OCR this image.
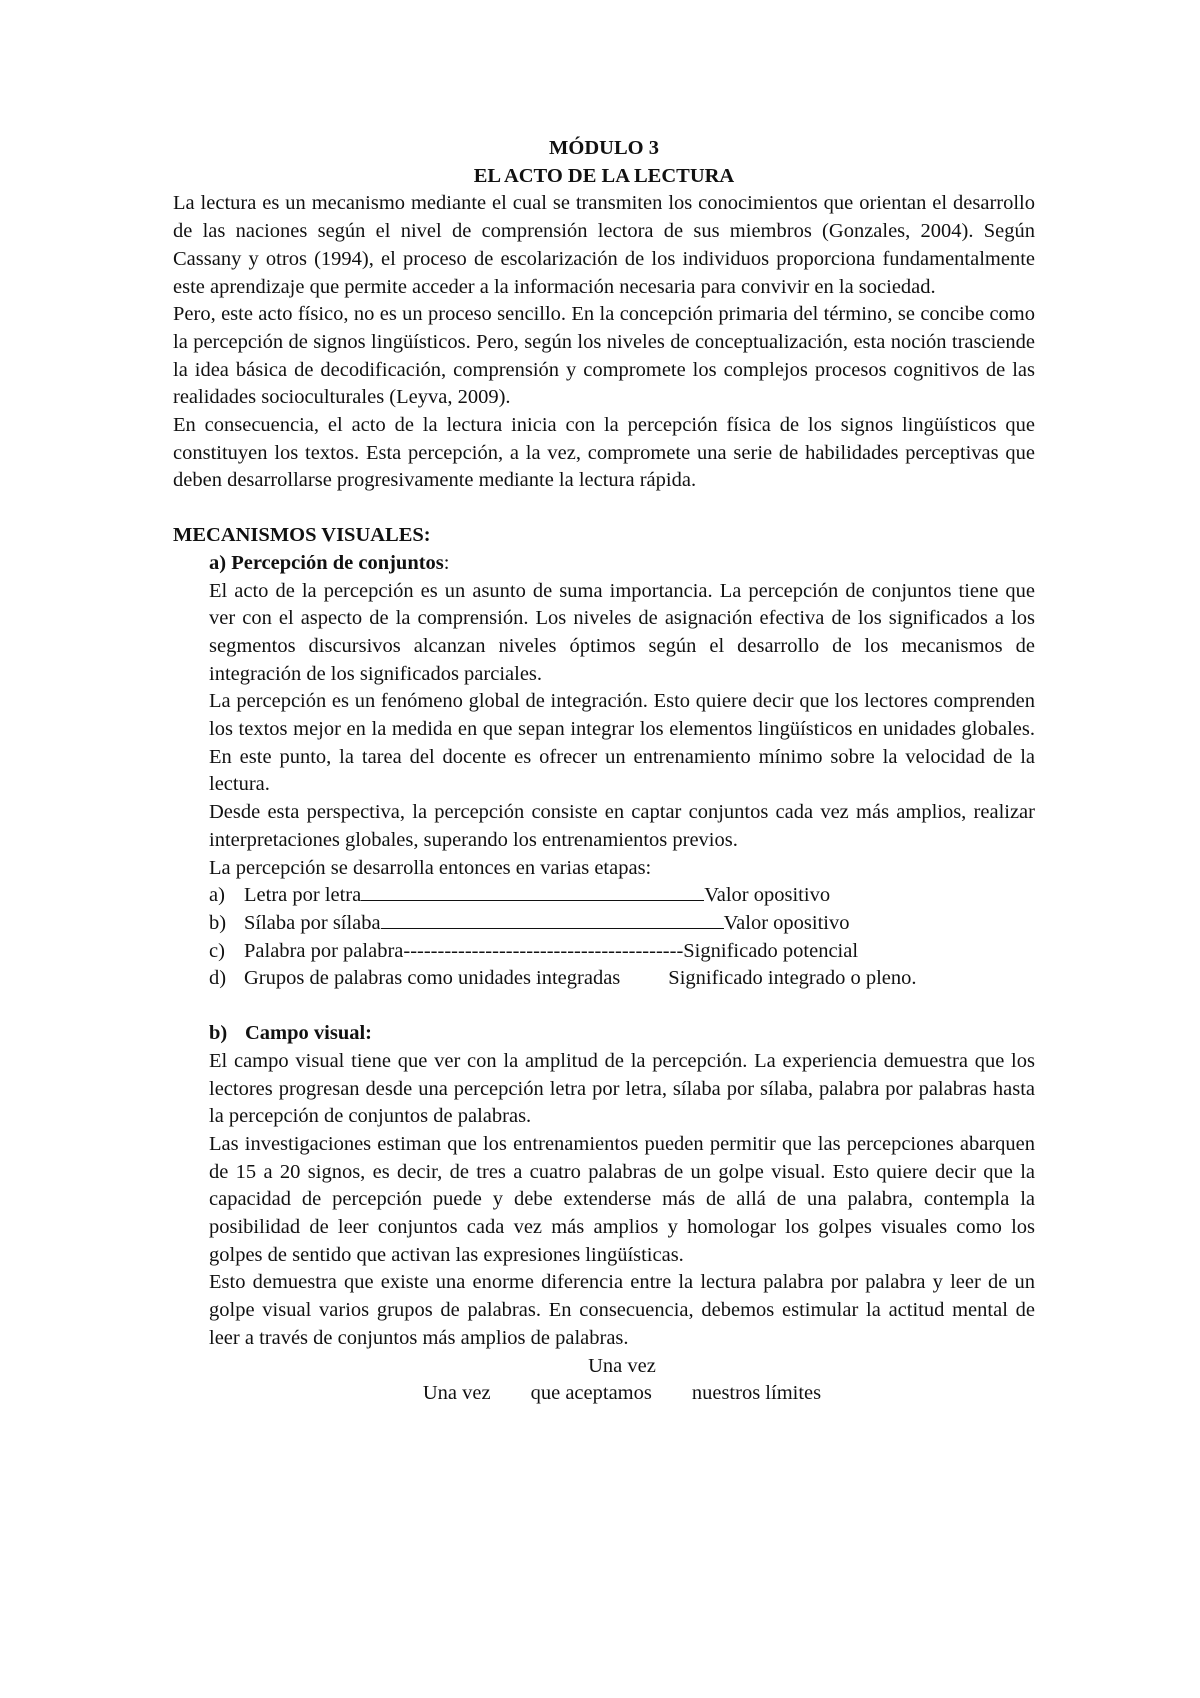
MÓDULO 3

EL ACTO DE LA LECTURA

La lectura es un mecanismo mediante el cual se transmiten los conocimientos que orientan el desarrollo de las naciones según el nivel de comprensión lectora de sus miembros (Gonzales, 2004). Según Cassany y otros (1994), el proceso de escolarización de los individuos proporciona fundamentalmente este aprendizaje que permite acceder a la información necesaria para convivir en la sociedad.

Pero, este acto físico, no es un proceso sencillo. En la concepción primaria del término, se concibe como la percepción de signos lingüísticos. Pero, según los niveles de conceptualización, esta noción trasciende la idea básica de decodificación, comprensión y compromete los complejos procesos cognitivos de las realidades socioculturales (Leyva, 2009).

En consecuencia, el acto de la lectura inicia con la percepción física de los signos lingüísticos que constituyen los textos. Esta percepción, a la vez, compromete una serie de habilidades perceptivas que deben desarrollarse progresivamente mediante la lectura rápida.

MECANISMOS VISUALES:

a) Percepción de conjuntos:

El acto de la percepción es un asunto de suma importancia. La percepción de conjuntos tiene que ver con el aspecto de la comprensión. Los niveles de asignación efectiva de los significados a los segmentos discursivos alcanzan niveles óptimos según el desarrollo de los mecanismos de integración de los significados parciales.

La percepción es un fenómeno global de integración. Esto quiere decir que los lectores comprenden los textos mejor en la medida en que sepan integrar los elementos lingüísticos en unidades globales. En este punto, la tarea del docente es ofrecer un entrenamiento mínimo sobre la velocidad de la lectura.

Desde esta perspectiva, la percepción consiste en captar conjuntos cada vez más amplios, realizar interpretaciones globales, superando los entrenamientos previos.

La percepción se desarrolla entonces en varias etapas:

a) Letra por letra	Valor opositivo
b) Sílaba por sílaba	Valor opositivo
c) Palabra por palabra ----------------------------------------- Significado potencial
d) Grupos de palabras como unidades integradas Significado integrado o pleno.
b) Campo visual:

El campo visual tiene que ver con la amplitud de la percepción. La experiencia demuestra que los lectores progresan desde una percepción letra por letra, sílaba por sílaba, palabra por palabras hasta la percepción de conjuntos de palabras.

Las investigaciones estiman que los entrenamientos pueden permitir que las percepciones abarquen de 15 a 20 signos, es decir, de tres a cuatro palabras de un golpe visual. Esto quiere decir que la capacidad de percepción puede y debe extenderse más de allá de una palabra, contempla la posibilidad de leer conjuntos cada vez más amplios y homologar los golpes visuales como los golpes de sentido que activan las expresiones lingüísticas.

Esto demuestra que existe una enorme diferencia entre la lectura palabra por palabra y leer de un golpe visual varios grupos de palabras. En consecuencia, debemos estimular la actitud mental de leer a través de conjuntos más amplios de palabras.

Una vez

Una vez que aceptamos nuestros límites
